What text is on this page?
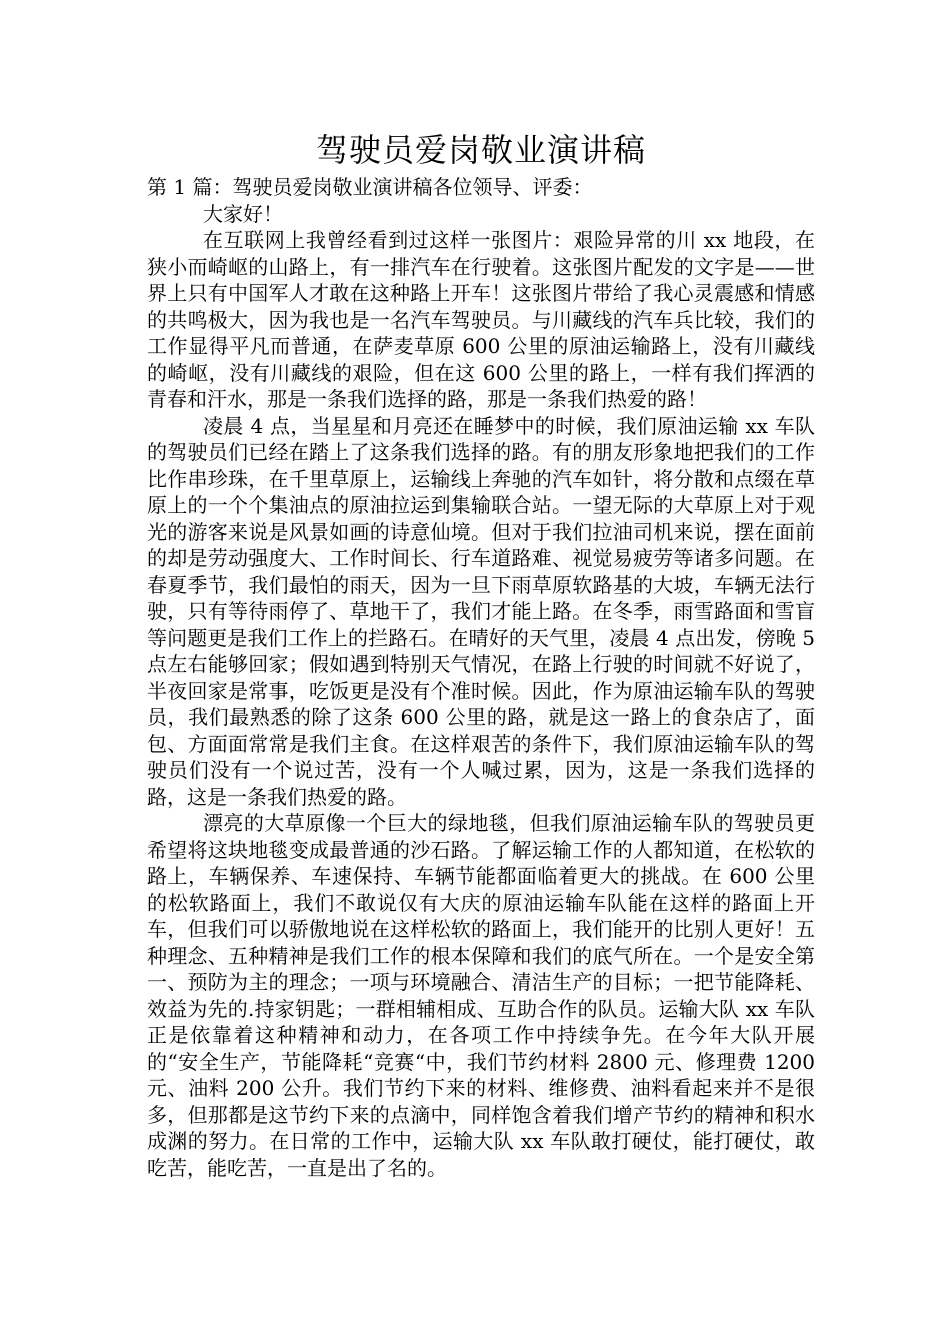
驾驶员爱岗敬业演讲稿

第 1 篇：驾驶员爱岗敬业演讲稿各位领导、评委：

大家好！

在互联网上我曾经看到过这样一张图片：艰险异常的川 xx 地段，在狭小而崎岖的山路上，有一排汽车在行驶着。这张图片配发的文字是——世界上只有中国军人才敢在这种路上开车！这张图片带给了我心灵震感和情感的共鸣极大，因为我也是一名汽车驾驶员。与川藏线的汽车兵比较，我们的工作显得平凡而普通，在萨麦草原 600 公里的原油运输路上，没有川藏线的崎岖，没有川藏线的艰险，但在这 600 公里的路上，一样有我们挥洒的青春和汗水，那是一条我们选择的路，那是一条我们热爱的路！

凌晨 4 点，当星星和月亮还在睡梦中的时候，我们原油运输 xx 车队的驾驶员们已经在踏上了这条我们选择的路。有的朋友形象地把我们的工作比作串珍珠，在千里草原上，运输线上奔驰的汽车如针，将分散和点缀在草原上的一个个集油点的原油拉运到集输联合站。一望无际的大草原上对于观光的游客来说是风景如画的诗意仙境。但对于我们拉油司机来说，摆在面前的却是劳动强度大、工作时间长、行车道路难、视觉易疲劳等诸多问题。在春夏季节，我们最怕的雨天，因为一旦下雨草原软路基的大坡，车辆无法行驶，只有等待雨停了、草地干了，我们才能上路。在冬季，雨雪路面和雪盲等问题更是我们工作上的拦路石。在晴好的天气里，凌晨 4 点出发，傍晚 5 点左右能够回家；假如遇到特别天气情况，在路上行驶的时间就不好说了，半夜回家是常事，吃饭更是没有个准时候。因此，作为原油运输车队的驾驶员，我们最熟悉的除了这条 600 公里的路，就是这一路上的食杂店了，面包、方面面常常是我们主食。在这样艰苦的条件下，我们原油运输车队的驾驶员们没有一个说过苦，没有一个人喊过累，因为，这是一条我们选择的路，这是一条我们热爱的路。

漂亮的大草原像一个巨大的绿地毯，但我们原油运输车队的驾驶员更希望将这块地毯变成最普通的沙石路。了解运输工作的人都知道，在松软的路上，车辆保养、车速保持、车辆节能都面临着更大的挑战。在 600 公里的松软路面上，我们不敢说仅有大庆的原油运输车队能在这样的路面上开车，但我们可以骄傲地说在这样松软的路面上，我们能开的比别人更好！五种理念、五种精神是我们工作的根本保障和我们的底气所在。一个是安全第一、预防为主的理念；一项与环境融合、清洁生产的目标；一把节能降耗、效益为先的.持家钥匙；一群相辅相成、互助合作的队员。运输大队 xx 车队正是依靠着这种精神和动力，在各项工作中持续争先。在今年大队开展的“安全生产，节能降耗“竞赛“中，我们节约材料 2800 元、修理费 1200 元、油料 200 公升。我们节约下来的材料、维修费、油料看起来并不是很多，但那都是这节约下来的点滴中，同样饱含着我们增产节约的精神和积水成渊的努力。在日常的工作中，运输大队 xx 车队敢打硬仗，能打硬仗，敢吃苦，能吃苦，一直是出了名的。
